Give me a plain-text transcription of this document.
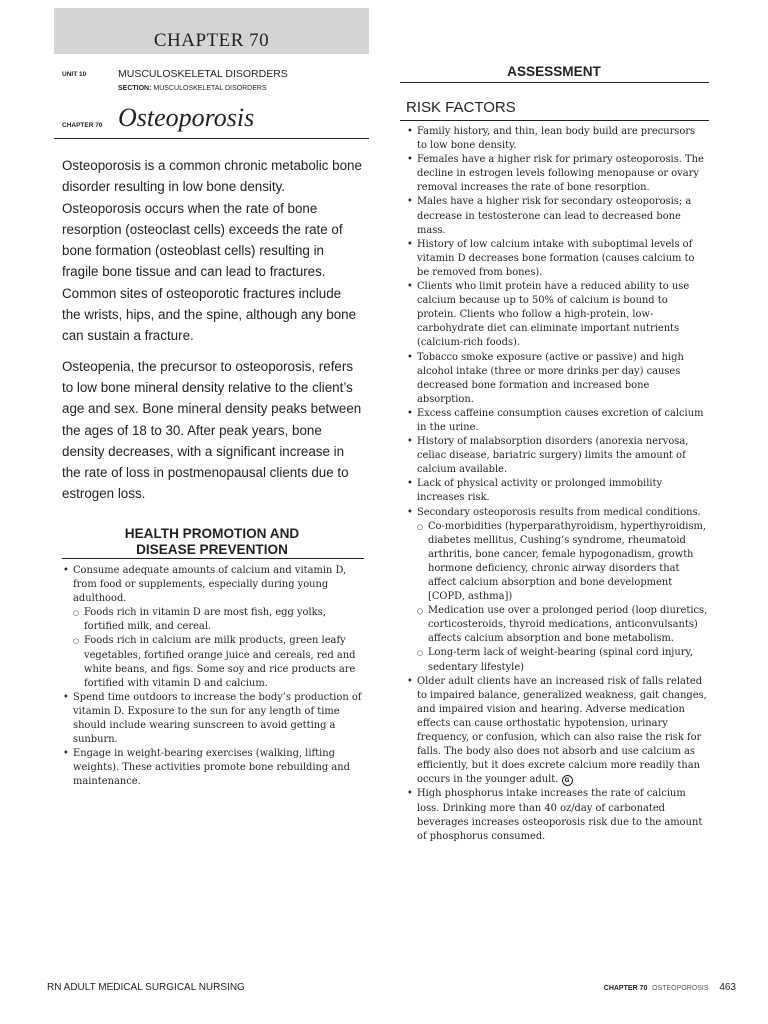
CHAPTER 70
UNIT 10	MUSCULOSKELETAL DISORDERS
SECTION: MUSCULOSKELETAL DISORDERS
CHAPTER 70 Osteoporosis

Osteoporosis is a common chronic metabolic bone disorder resulting in low bone density. Osteoporosis occurs when the rate of bone resorption (osteoclast cells) exceeds the rate of bone formation (osteoblast cells) resulting in fragile bone tissue and can lead to fractures. Common sites of osteoporotic fractures include the wrists, hips, and the spine, although any bone can sustain a fracture.

Osteopenia, the precursor to osteoporosis, refers to low bone mineral density relative to the client’s age and sex. Bone mineral density peaks between the ages of 18 to 30. After peak years, bone density decreases, with a significant increase in the rate of loss in postmenopausal clients due to estrogen loss.

HEALTH PROMOTION AND
DISEASE PREVENTION
• Consume adequate amounts of calcium and vitamin D, from food or supplements, especially during young adulthood.
○ Foods rich in vitamin D are most fish, egg yolks, fortified milk, and cereal.
○ Foods rich in calcium are milk products, green leafy vegetables, fortified orange juice and cereals, red and white beans, and figs. Some soy and rice products are fortified with vitamin D and calcium.
• Spend time outdoors to increase the body’s production of vitamin D. Exposure to the sun for any length of time should include wearing sunscreen to avoid getting a sunburn.
• Engage in weight-bearing exercises (walking, lifting weights). These activities promote bone rebuilding and maintenance.
ASSESSMENT
RISK FACTORS
• Family history, and thin, lean body build are precursors to low bone density.
• Females have a higher risk for primary osteoporosis. The decline in estrogen levels following menopause or ovary removal increases the rate of bone resorption.
• Males have a higher risk for secondary osteoporosis; a decrease in testosterone can lead to decreased bone mass.
• History of low calcium intake with suboptimal levels of vitamin D decreases bone formation (causes calcium to be removed from bones).
• Clients who limit protein have a reduced ability to use calcium because up to 50% of calcium is bound to protein. Clients who follow a high-protein, low-carbohydrate diet can eliminate important nutrients (calcium-rich foods).
• Tobacco smoke exposure (active or passive) and high alcohol intake (three or more drinks per day) causes decreased bone formation and increased bone absorption.
• Excess caffeine consumption causes excretion of calcium in the urine.
• History of malabsorption disorders (anorexia nervosa, celiac disease, bariatric surgery) limits the amount of calcium available.
• Lack of physical activity or prolonged immobility increases risk.
• Secondary osteoporosis results from medical conditions.
○ Co-morbidities (hyperparathyroidism, hyperthyroidism, diabetes mellitus, Cushing’s syndrome, rheumatoid arthritis, bone cancer, female hypogonadism, growth hormone deficiency, chronic airway disorders that affect calcium absorption and bone development [COPD, asthma])
○ Medication use over a prolonged period (loop diuretics, corticosteroids, thyroid medications, anticonvulsants) affects calcium absorption and bone metabolism.
○ Long-term lack of weight-bearing (spinal cord injury, sedentary lifestyle)
• Older adult clients have an increased risk of falls related to impaired balance, generalized weakness, gait changes, and impaired vision and hearing. Adverse medication effects can cause orthostatic hypotension, urinary frequency, or confusion, which can also raise the risk for falls. The body also does not absorb and use calcium as efficiently, but it does excrete calcium more readily than occurs in the younger adult. G
• High phosphorus intake increases the rate of calcium loss. Drinking more than 40 oz/day of carbonated beverages increases osteoporosis risk due to the amount of phosphorus consumed.
RN ADULT MEDICAL SURGICAL NURSING	CHAPTER 70 OSTEOPOROSIS 463
